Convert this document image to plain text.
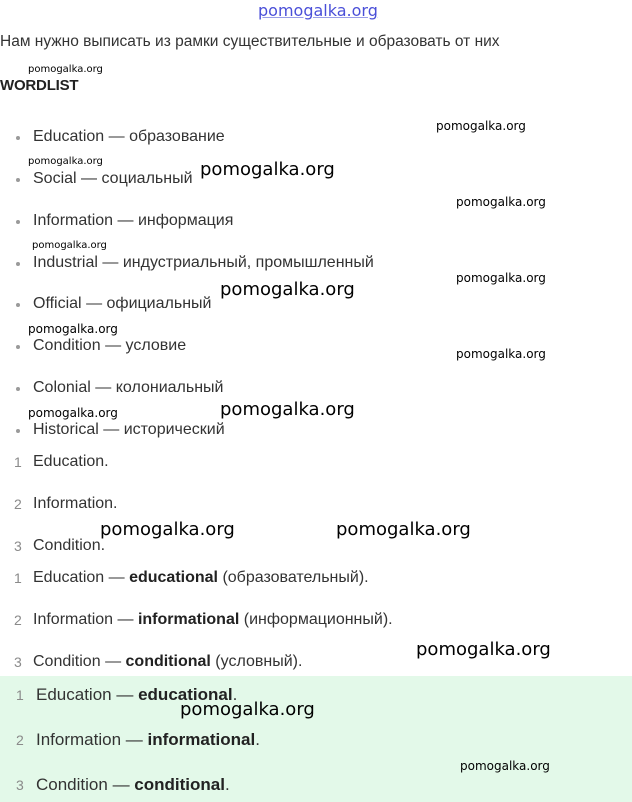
pomogalka.org
Нам нужно выписать из рамки существительные и образовать от них
WORDLIST
Education — образование
Social — социальный
Information — информация
Industrial — индустриальный, промышленный
Official — официальный
Condition — условие
Colonial — колониальный
Historical — исторический
1 Education.
2 Information.
3 Condition.
1 Education — educational (образовательный).
2 Information — informational (информационный).
3 Condition — conditional (условный).
1 Education — educational.
2 Information — informational.
3 Condition — conditional.
pomogalka.org
pomogalka.org
pomogalka.org	pomogalka.org
pomogalka.org
pomogalka.org
pomogalka.org
pomogalka.org
pomogalka.org
pomogalka.org
pomogalka.org
pomogalka.org
pomogalka.org	pomogalka.org
pomogalka.org
pomogalka.org
pomogalka.org
